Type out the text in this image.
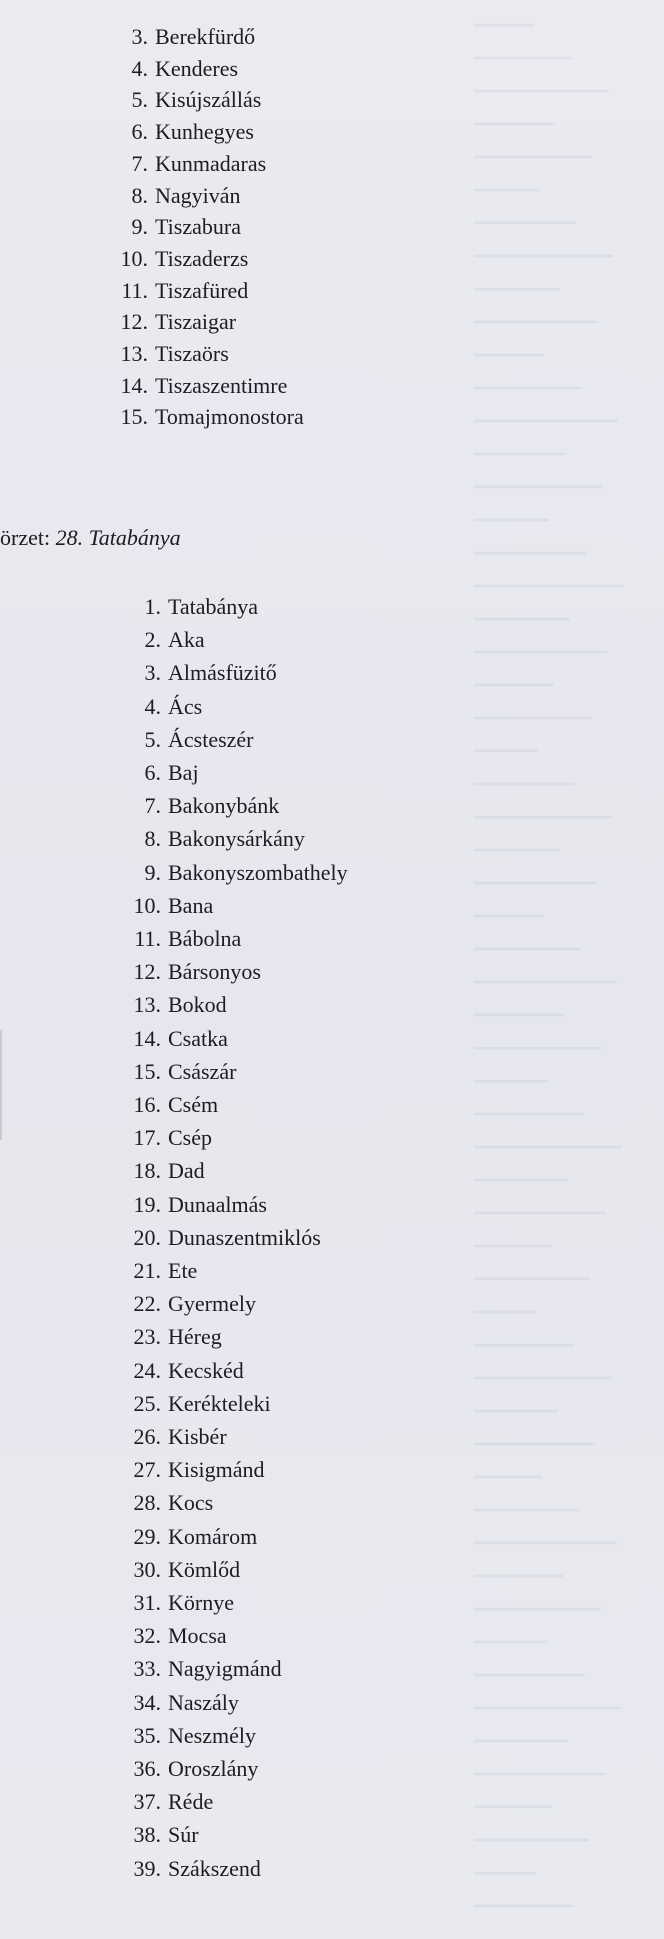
3. Berekfürdő
4. Kenderes
5. Kisújszállás
6. Kunhegyes
7. Kunmadaras
8. Nagyiván
9. Tiszabura
10. Tiszaderzs
11. Tiszafüred
12. Tiszaigar
13. Tiszaörs
14. Tiszaszentimre
15. Tomajmonostora
örzet: 28. Tatabánya
1. Tatabánya
2. Aka
3. Almásfüzitő
4. Ács
5. Ácsteszér
6. Baj
7. Bakonybánk
8. Bakonysárkány
9. Bakonyszombathely
10. Bana
11. Bábolna
12. Bársonyos
13. Bokod
14. Csatka
15. Császár
16. Csém
17. Csép
18. Dad
19. Dunaalmás
20. Dunaszentmiklós
21. Ete
22. Gyermely
23. Héreg
24. Kecskéd
25. Kerékteleki
26. Kisbér
27. Kisigmánd
28. Kocs
29. Komárom
30. Kömlőd
31. Környe
32. Mocsa
33. Nagyigmánd
34. Naszály
35. Neszmély
36. Oroszlány
37. Réde
38. Súr
39. Szákszend
